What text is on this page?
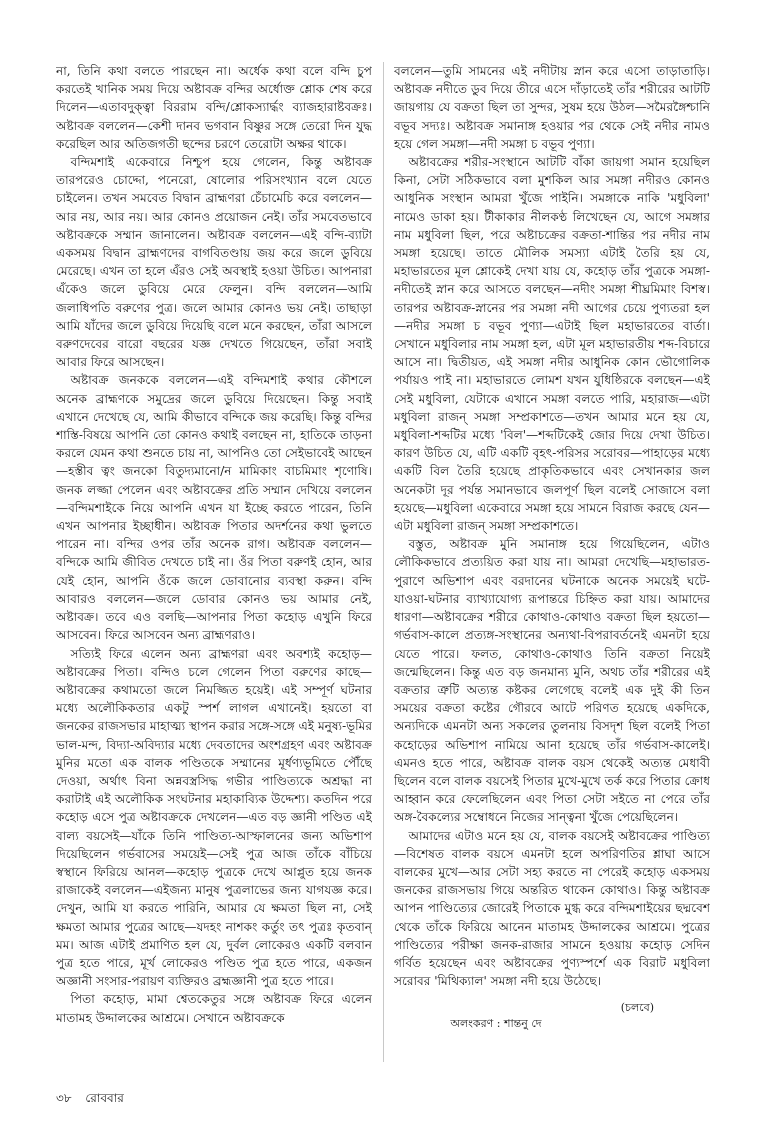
না, তিনি কথা বলতে পারছেন না। অর্ধেক কথা বলে বন্দি চুপ করতেই খানিক সময় দিয়ে অষ্টাবক্র বন্দির অর্ধোক্ত শ্লোক শেষ করে দিলেন—এতাবদুক্ত্বা বিররাম বন্দি/শ্লোকস্যার্দ্ধং ব্যাজহারাষ্টবক্রঃ। অষ্টাবক্র বললেন—কেশী দানব ভগবান বিষ্ণুর সঙ্গে তেরো দিন যুদ্ধ করেছিল আর অতিজগতী ছন্দের চরণে তেরোটা অক্ষর থাকে।

বন্দিমশাই একেবারে নিশ্চুপ হয়ে গেলেন, কিন্তু অষ্টাবক্র তারপরেও চোদ্দো, পনেরো, ষোলোর পরিসংখ্যান বলে যেতে চাইলেন। তখন সমবেত বিদ্বান ব্রাহ্মণরা চেঁচামেচি করে বললেন—আর নয়, আর নয়। আর কোনও প্রয়োজন নেই। তাঁর সমবেতভাবে অষ্টাবক্রকে সম্মান জানালেন। অষ্টাবক্র বললেন—এই বন্দি-ব্যাটা একসময় বিদ্বান ব্রাহ্মণদের বাগবিতণ্ডায় জয় করে জলে ডুবিয়ে মেরেছে। এখন তা হলে এঁরও সেই অবস্থাই হওয়া উচিত। আপনারা এঁকেও জলে ডুবিয়ে মেরে ফেলুন। বন্দি বললেন—আমি জলাধিপতি বরুণের পুত্র। জলে আমার কোনও ভয় নেই। তাছাড়া আমি যাঁদের জলে ডুবিয়ে দিয়েছি বলে মনে করছেন, তাঁরা আসলে বরুণদেবের বারো বছরের যজ্ঞ দেখতে গিয়েছেন, তাঁরা সবাই আবার ফিরে আসছেন।

অষ্টাবক্র জনককে বললেন—এই বন্দিমশাই কথার কৌশলে অনেক ব্রাহ্মণকে সমুদ্রের জলে ডুবিয়ে দিয়েছেন। কিন্তু সবাই এখানে দেখেছে যে, আমি কীভাবে বন্দিকে জয় করেছি। কিন্তু বন্দির শাস্তি-বিষয়ে আপনি তো কোনও কথাই বলছেন না, হাতিকে তাড়না করলে যেমন কথা শুনতে চায় না, আপনিও তো সেইভাবেই আছেন—হস্তীব ত্বং জনকো বিতুদ্যমানো/ন মামিকাং বাচমিমাং শৃণোষি। জনক লজ্জা পেলেন এবং অষ্টাবক্রের প্রতি সম্মান দেখিয়ে বললেন—বন্দিমশাইকে নিয়ে আপনি এখন যা ইচ্ছে করতে পারেন, তিনি এখন আপনার ইচ্ছাধীন। অষ্টাবক্র পিতার অদর্শনের কথা ভুলতে পারেন না। বন্দির ওপর তাঁর অনেক রাগ। অষ্টাবক্র বললেন—বন্দিকে আমি জীবিত দেখতে চাই না। ওঁর পিতা বরুণই হোন, আর যেই হোন, আপনি ওঁকে জলে ডোবানোর ব্যবস্থা করুন। বন্দি আবারও বললেন—জলে ডোবার কোনও ভয় আমার নেই, অষ্টাবক্র। তবে এও বলছি—আপনার পিতা কহোড় এখুনি ফিরে আসবেন। ফিরে আসবেন অন্য ব্রাহ্মণরাও।

সত্যিই ফিরে এলেন অন্য ব্রাহ্মণরা এবং অবশ্যই কহোড়—অষ্টাবক্রের পিতা। বন্দিও চলে গেলেন পিতা বরুণের কাছে—অষ্টাবক্রের কথামতো জলে নিমজ্জিত হয়েই। এই সম্পূর্ণ ঘটনার মধ্যে অলৌকিকতার একটু স্পর্শ লাগল এখানেই। হয়তো বা জনকের রাজসভার মাহাত্ম্য স্থাপন করার সঙ্গে-সঙ্গে এই মনুষ্য-ভূমির ভাল-মন্দ, বিদ্যা-অবিদ্যার মধ্যে দেবতাদের অংশগ্রহণ এবং অষ্টাবক্র মুনির মতো এক বালক পণ্ডিতকে সম্মানের মূর্ধণ্যভূমিতে পৌঁছে দেওয়া, অর্থাৎ বিনা অন্নবস্ত্রসিদ্ধ গভীর পাণ্ডিত্যকে অশ্রদ্ধা না করাটাই এই অলৌকিক সংঘটনার মহাকাব্যিক উদ্দেশ্য। কতদিন পরে কহোড় এসে পুত্র অষ্টাবক্রকে দেখলেন—এত বড় জ্ঞানী পণ্ডিত এই বাল্য বয়সেই—যাঁকে তিনি পাণ্ডিত্য-আস্ফালনের জন্য অভিশাপ দিয়েছিলেন গর্ভবাসের সময়েই—সেই পুত্র আজ তাঁকে বাঁচিয়ে স্বস্থানে ফিরিয়ে আনল—কহোড় পুত্রকে দেখে আপ্লুত হয়ে জনক রাজাকেই বললেন—এইজন্য মানুষ পুত্রলাভের জন্য যাগযজ্ঞ করে। দেখুন, আমি যা করতে পারিনি, আমার যে ক্ষমতা ছিল না, সেই ক্ষমতা আমার পুত্রের আছে—যদহং নাশকং কর্তুং তৎ পুত্রঃ কৃতবান্‌ মম। আজ এটাই প্রমাণিত হল যে, দুর্বল লোকেরও একটি বলবান পুত্র হতে পারে, মূর্খ লোকেরও পণ্ডিত পুত্র হতে পারে, একজন অজ্ঞানী সংসার-পরায়ণ ব্যক্তিরও ব্রহ্মজ্ঞানী পুত্র হতে পারে।

পিতা কহোড়, মামা শ্বেতকেতুর সঙ্গে অষ্টাবক্র ফিরে এলেন মাতামহ উদ্দালকের আশ্রমে। সেখানে অষ্টাবক্রকে

বললেন—তুমি সামনের এই নদীটায় স্নান করে এসো তাড়াতাড়ি। অষ্টাবক্র নদীতে ডুব দিয়ে তীরে এসে দাঁড়াতেই তাঁর শরীরের আটটি জায়গায় যে বক্রতা ছিল তা সুন্দর, সুষম হয়ে উঠল—সমৈরঙ্গৈশ্চানি বভূব সদ্যঃ। অষ্টাবক্র সমানাঙ্গ হওয়ার পর থেকে সেই নদীর নামও হয়ে গেল সমঙ্গা—নদী সমঙ্গা চ বভূব পুণ্যা।

অষ্টাবক্রের শরীর-সংস্থানে আটটি বাঁকা জায়গা সমান হয়েছিল কিনা, সেটা সঠিকভাবে বলা মুশকিল আর সমঙ্গা নদীরও কোনও আধুনিক সংস্থান আমরা খুঁজে পাইনি। সমঙ্গাকে নাকি 'মধুবিলা' নামেও ডাকা হয়। টীকাকার নীলকণ্ঠ লিখেছেন যে, আগে সমঙ্গার নাম মধুবিলা ছিল, পরে অষ্টাচক্রের বক্রতা-শান্তির পর নদীর নাম সমঙ্গা হয়েছে। তাতে মৌলিক সমস্যা এটাই তৈরি হয় যে, মহাভারতের মূল শ্লোকেই দেখা যায় যে, কহোড় তাঁর পুত্রকে সমঙ্গা-নদীতেই স্নান করে আসতে বলছেন—নদীং সমঙ্গা শীঘ্রমিমাং বিশস্ব। তারপর অষ্টাবক্র-স্নানের পর সমঙ্গা নদী আগের চেয়ে পুণ্যতরা হল—নদীর সমঙ্গা চ বভূব পুণ্যা—এটাই ছিল মহাভারতের বার্তা। সেখানে মধুবিলার নাম সমঙ্গা হল, এটা মূল মহাভারতীয় শব্দ-বিচারে আসে না। দ্বিতীয়ত, এই সমঙ্গা নদীর আধুনিক কোন ভৌগোলিক পর্যায়ও পাই না। মহাভারতে লোমশ যখন যুধিষ্ঠিরকে বলছেন—এই সেই মধুবিলা, যেটাকে এখানে সমঙ্গা বলতে পারি, মহারাজ—এটা মধুবিলা রাজন্‌ সমঙ্গা সম্প্রকাশতে—তখন আমার মনে হয় যে, মধুবিলা-শব্দটির মধ্যে 'বিল'—শব্দটিকেই জোর দিয়ে দেখা উচিত। কারণ উচিত যে, এটি একটি বৃহৎ-পরিসর সরোবর—পাহাড়ের মধ্যে একটি বিল তৈরি হয়েছে প্রাকৃতিকভাবে এবং সেখানকার জল অনেকটা দূর পর্যন্ত সমানভাবে জলপূর্ণ ছিল বলেই সোজাসে বলা হয়েছে—মধুবিলা একেবারে সমঙ্গা হয়ে সামনে বিরাজ করছে যেন—এটা মধুবিলা রাজন্‌ সমঙ্গা সম্প্রকাশতে।

বস্তুত, অষ্টাবক্র মুনি সমানাঙ্গ হয়ে গিয়েছিলেন, এটাও লৌকিকভাবে প্রত্যয়িত করা যায় না। আমরা দেখেছি—মহাভারত-পুরাণে অভিশাপ এবং বরদানের ঘটনাকে অনেক সময়েই ঘটে-যাওয়া-ঘটনার ব্যাখ্যাযোগ্য রূপান্তরে চিহ্নিত করা যায়। আমাদের ধারণা—অষ্টাবক্রের শরীরে কোথাও-কোথাও বক্রতা ছিল হয়তো—গর্ভবাস-কালে প্রত্যঙ্গ-সংস্থানের অন্যথা-বিপরাবর্তনেই এমনটা হয়ে যেতে পারে। ফলত, কোথাও-কোথাও তিনি বক্রতা নিয়েই জন্মেছিলেন। কিন্তু এত বড় জনমান্য মুনি, অথচ তাঁর শরীরের এই বক্রতার ত্রুটি অত্যন্ত কষ্টকর লেগেছে বলেই এক দুই কী তিন সময়ের বক্রতা কষ্টের গৌরবে আটে পরিণত হয়েছে একদিকে, অন্যদিকে এমনটা অন্য সকলের তুলনায় বিসদৃশ ছিল বলেই পিতা কহোড়ের অভিশাপ নামিয়ে আনা হয়েছে তাঁর গর্ভবাস-কালেই। এমনও হতে পারে, অষ্টাবক্র বালক বয়স থেকেই অত্যন্ত মেধাবী ছিলেন বলে বালক বয়সেই পিতার মুখে-মুখে তর্ক করে পিতার ক্রোধ আহ্বান করে ফেলেছিলেন এবং পিতা সেটা সইতে না পেরে তাঁর অঙ্গ-বৈকল্যের সম্বোধনে নিজের সান্ত্বনা খুঁজে পেয়েছিলেন।

আমাদের এটাও মনে হয় যে, বালক বয়সেই অষ্টাবক্রের পাণ্ডিত্য—বিশেষত বালক বয়সে এমনটা হলে অপরিণতির শ্লাঘা আসে বালকের মুখে—আর সেটা সহ্য করতে না পেরেই কহোড় একসময় জনকের রাজসভায় গিয়ে অন্তরিত থাকেন কোথাও। কিন্তু অষ্টাবক্র আপন পাণ্ডিত্যের জোরেই পিতাকে মুগ্ধ করে বন্দিমশাইয়ের ছদ্মবেশ থেকে তাঁকে ফিরিয়ে আনেন মাতামহ উদ্দালকের আশ্রমে। পুত্রের পাণ্ডিত্যের পরীক্ষা জনক-রাজার সামনে হওয়ায় কহোড় সেদিন গর্বিত হয়েছেন এবং অষ্টাবক্রের পুণ্যস্পর্শে এক বিরাট মধুবিলা সরোবর 'মিথিক্যাল' সমঙ্গা নদী হয়ে উঠেছে।

(চলবে)
অলংকরণ : শান্তনু দে
৩৮ রোববার
